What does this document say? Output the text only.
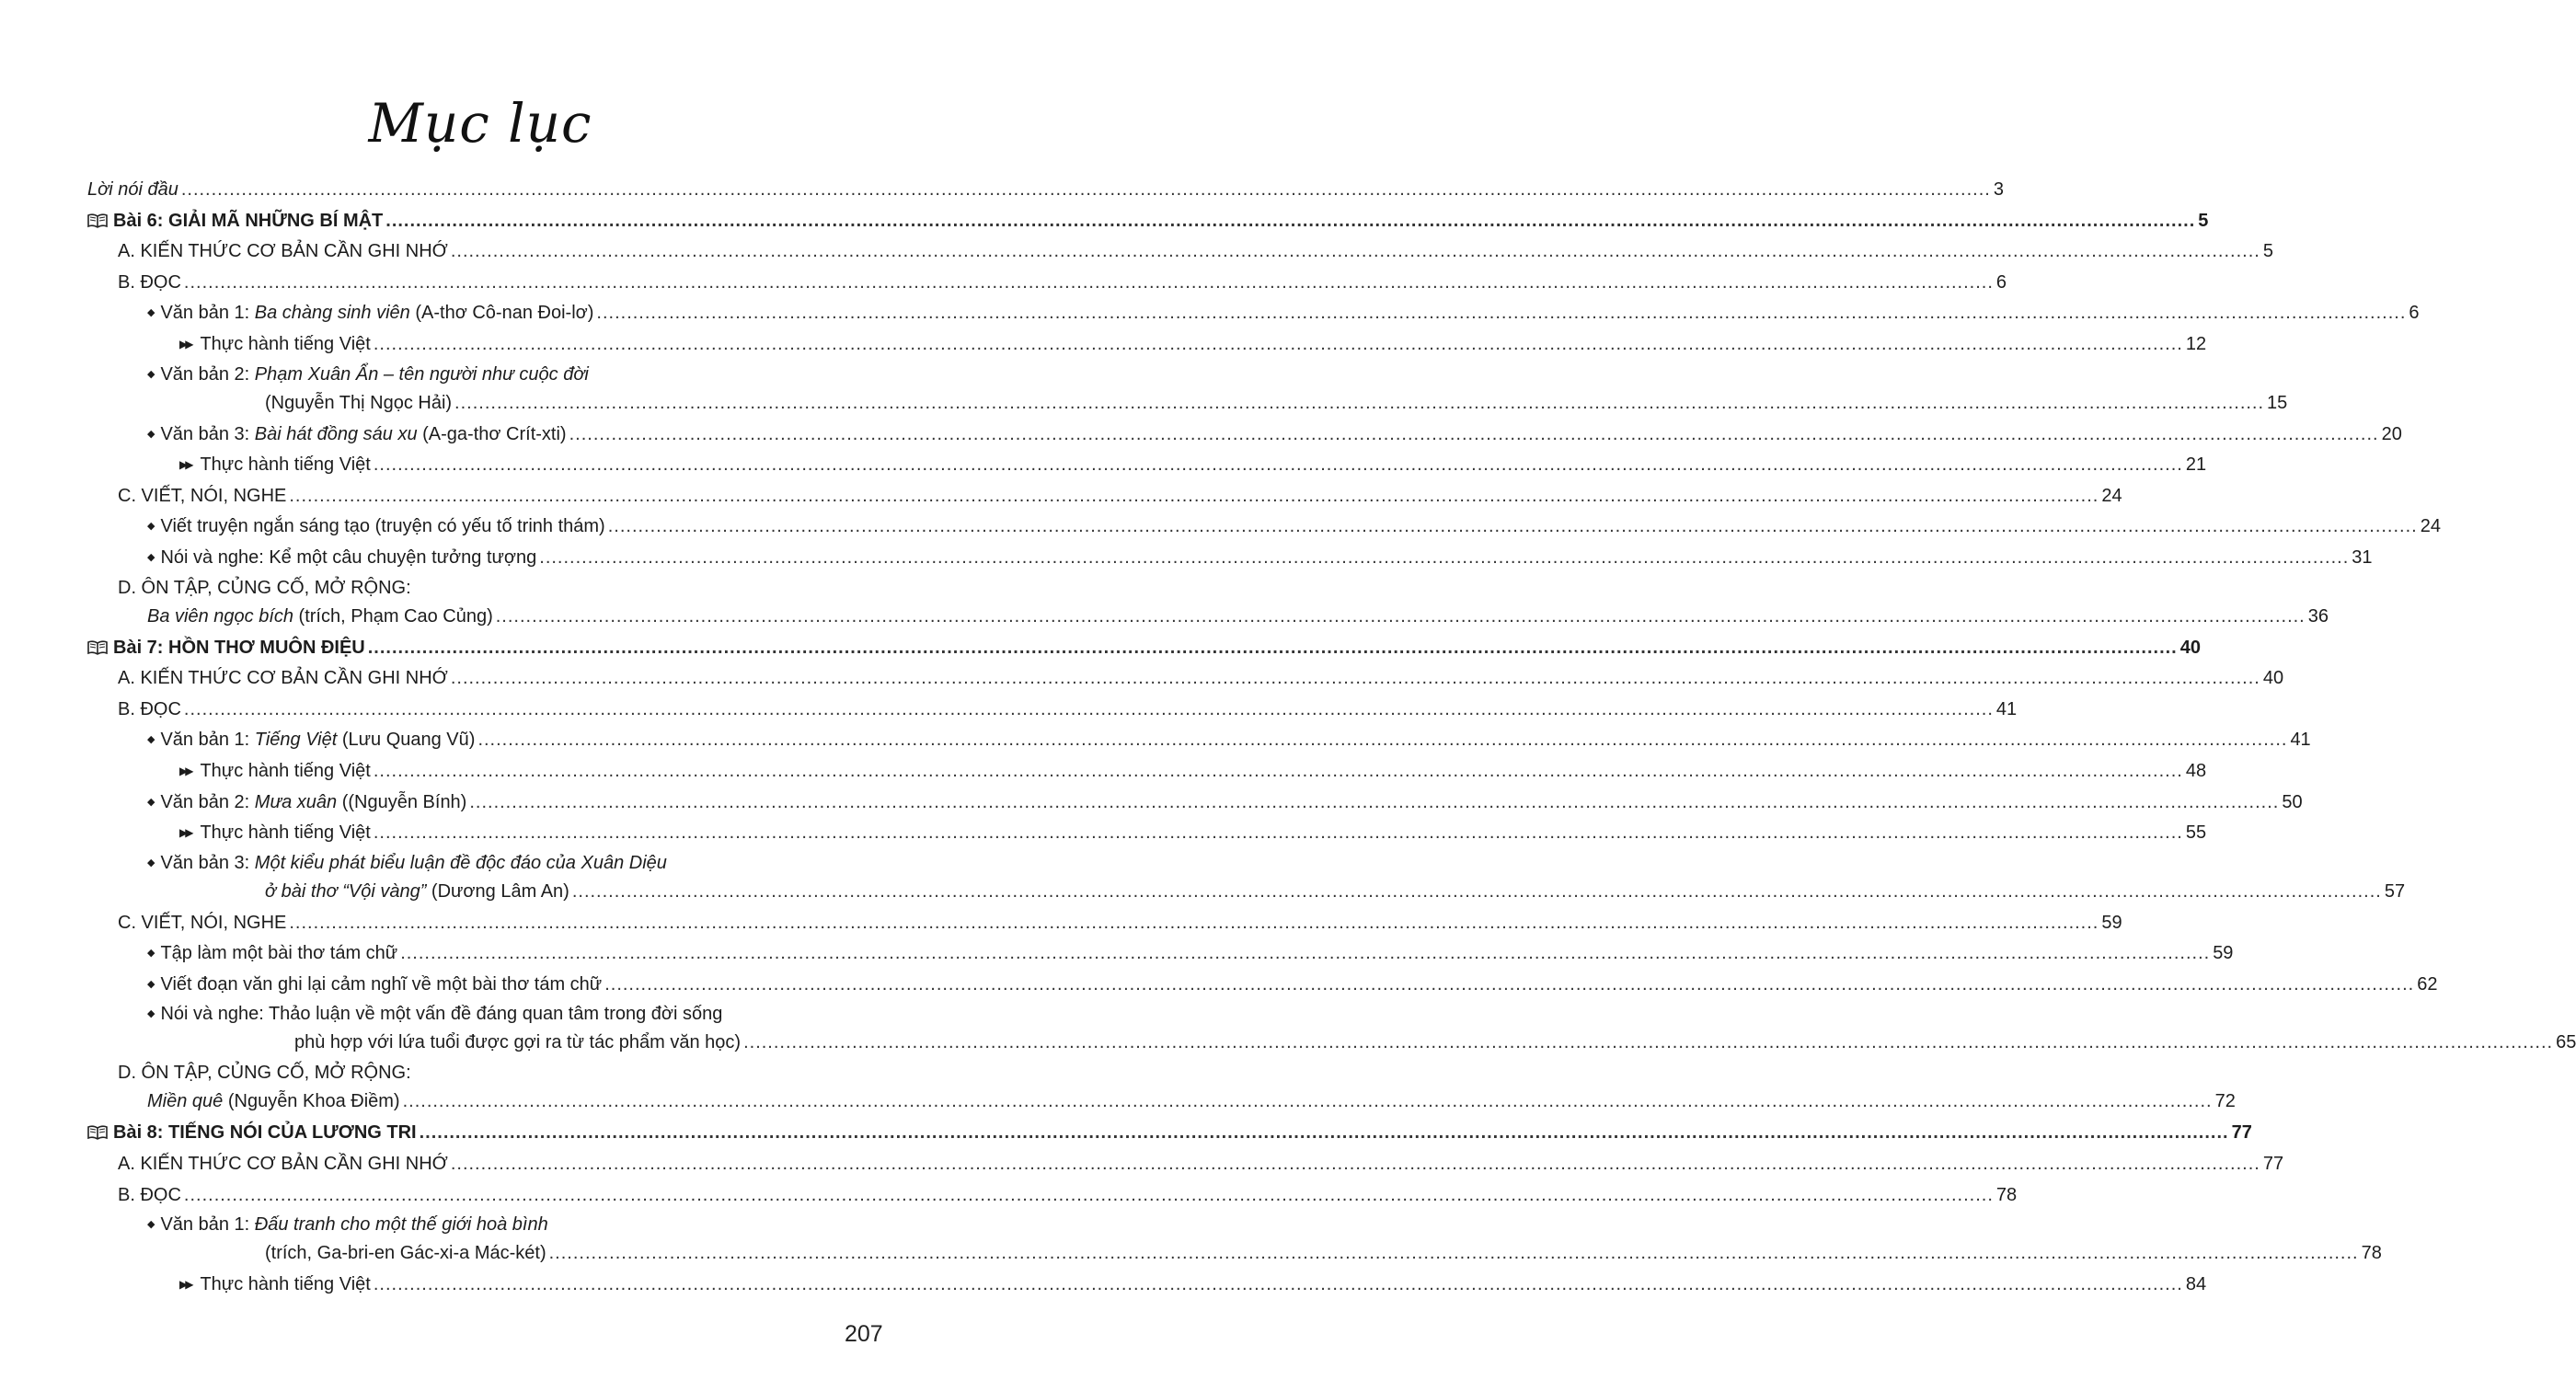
Mục lục
Lời nói đầu ............................................................................................................................................................................................................................................................................................................ 3
Bài 6: GIẢI MÃ NHỮNG BÍ MẬT ............................................................................................................................................................................................................................................................................................................ 5
A. KIẾN THỨC CƠ BẢN CẦN GHI NHỚ ............................................................................................................................................................................................................................................................................................................ 5
B. ĐỌC ............................................................................................................................................................................................................................................................................................................ 6
◆ Văn bản 1: Ba chàng sinh viên (A-thơ Cô-nan Đoi-lơ) ............................................................................................................................................................................................................................................................................................................ 6
▶▶ Thực hành tiếng Việt ............................................................................................................................................................................................................................................................................................................ 12
◆ Văn bản 2: Phạm Xuân Ẩn – tên người như cuộc đời
(Nguyễn Thị Ngọc Hải) ............................................................................................................................................................................................................................................................................................................ 15
◆ Văn bản 3: Bài hát đồng sáu xu (A-ga-thơ Crít-xti) ............................................................................................................................................................................................................................................................................................................ 20
▶▶ Thực hành tiếng Việt ............................................................................................................................................................................................................................................................................................................ 21
C. VIẾT, NÓI, NGHE ............................................................................................................................................................................................................................................................................................................ 24
◆ Viết truyện ngắn sáng tạo (truyện có yếu tố trinh thám) ............................................................................................................................................................................................................................................................................................................ 24
◆ Nói và nghe: Kể một câu chuyện tưởng tượng ............................................................................................................................................................................................................................................................................................................ 31
D. ÔN TẬP, CỦNG CỐ, MỞ RỘNG:
Ba viên ngọc bích (trích, Phạm Cao Củng) ............................................................................................................................................................................................................................................................................................................ 36
Bài 7: HỒN THƠ MUÔN ĐIỆU ............................................................................................................................................................................................................................................................................................................ 40
A. KIẾN THỨC CƠ BẢN CẦN GHI NHỚ ............................................................................................................................................................................................................................................................................................................ 40
B. ĐỌC ............................................................................................................................................................................................................................................................................................................ 41
◆ Văn bản 1: Tiếng Việt (Lưu Quang Vũ) ............................................................................................................................................................................................................................................................................................................ 41
▶▶ Thực hành tiếng Việt ............................................................................................................................................................................................................................................................................................................ 48
◆ Văn bản 2: Mưa xuân ((Nguyễn Bính) ............................................................................................................................................................................................................................................................................................................ 50
▶▶ Thực hành tiếng Việt ............................................................................................................................................................................................................................................................................................................ 55
◆ Văn bản 3: Một kiểu phát biểu luận đề độc đáo của Xuân Diệu
ở bài thơ “Vội vàng” (Dương Lâm An) ............................................................................................................................................................................................................................................................................................................ 57
C. VIẾT, NÓI, NGHE ............................................................................................................................................................................................................................................................................................................ 59
◆ Tập làm một bài thơ tám chữ ............................................................................................................................................................................................................................................................................................................ 59
◆ Viết đoạn văn ghi lại cảm nghĩ về một bài thơ tám chữ ............................................................................................................................................................................................................................................................................................................ 62
◆ Nói và nghe: Thảo luận về một vấn đề đáng quan tâm trong đời sống
phù hợp với lứa tuổi được gợi ra từ tác phẩm văn học) ............................................................................................................................................................................................................................................................................................................ 65
D. ÔN TẬP, CỦNG CỐ, MỞ RỘNG:
Miền quê (Nguyễn Khoa Điềm) ............................................................................................................................................................................................................................................................................................................ 72
Bài 8: TIẾNG NÓI CỦA LƯƠNG TRI ............................................................................................................................................................................................................................................................................................................ 77
A. KIẾN THỨC CƠ BẢN CẦN GHI NHỚ ............................................................................................................................................................................................................................................................................................................ 77
B. ĐỌC ............................................................................................................................................................................................................................................................................................................ 78
◆ Văn bản 1: Đấu tranh cho một thế giới hoà bình
(trích, Ga-bri-en Gác-xi-a Mác-két) ............................................................................................................................................................................................................................................................................................................ 78
▶▶ Thực hành tiếng Việt ............................................................................................................................................................................................................................................................................................................ 84
207
